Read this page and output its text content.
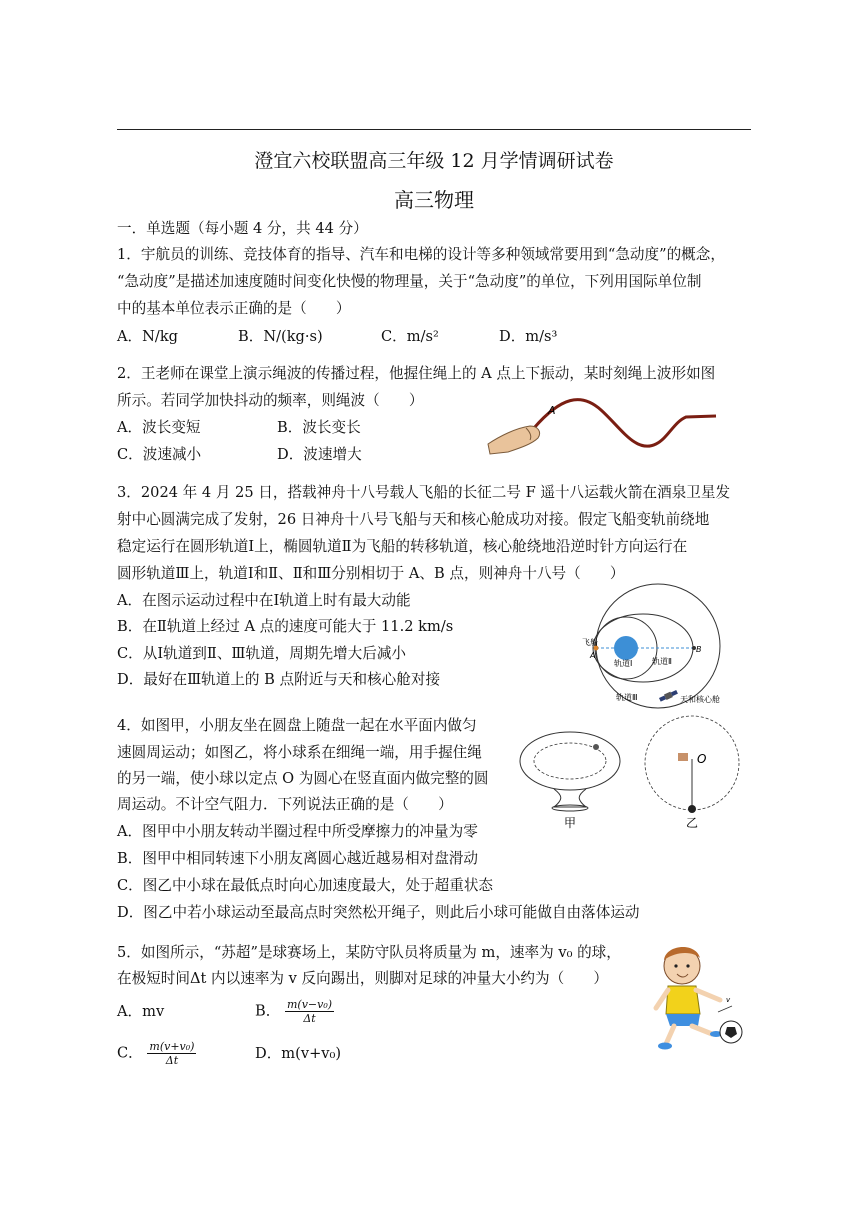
澄宜六校联盟高三年级 12 月学情调研试卷
高三物理
一．单选题（每小题 4 分，共 44 分）
1．宇航员的训练、竞技体育的指导、汽车和电梯的设计等多种领域常要用到“急动度”的概念，
“急动度”是描述加速度随时间变化快慢的物理量，关于“急动度”的单位，下列用国际单位制
中的基本单位表示正确的是（　　）
A．N/kg	B．N/(kg·s)	C．m/s²	D．m/s³
2．王老师在课堂上演示绳波的传播过程，他握住绳上的 A 点上下振动，某时刻绳上波形如图
所示。若同学加快抖动的频率，则绳波（　　）
A．波长变短	B．波长变长
C．波速减小	D．波速增大
A
3．2024 年 4 月 25 日，搭载神舟十八号载人飞船的长征二号 F 遥十八运载火箭在酒泉卫星发
射中心圆满完成了发射，26 日神舟十八号飞船与天和核心舱成功对接。假定飞船变轨前绕地
稳定运行在圆形轨道Ⅰ上，椭圆轨道Ⅱ为飞船的转移轨道，核心舱绕地沿逆时针方向运行在
圆形轨道Ⅲ上，轨道Ⅰ和Ⅱ、Ⅱ和Ⅲ分别相切于 A、B 点，则神舟十八号（　　）
A．在图示运动过程中在Ⅰ轨道上时有最大动能
B．在Ⅱ轨道上经过 A 点的速度可能大于 11.2 km/s
C．从Ⅰ轨道到Ⅱ、Ⅲ轨道，周期先增大后减小
D．最好在Ⅲ轨道上的 B 点附近与天和核心舱对接
飞船
A
B
轨道Ⅰ 轨道Ⅱ
轨道Ⅲ	天和核心舱
4．如图甲，小朋友坐在圆盘上随盘一起在水平面内做匀
速圆周运动；如图乙，将小球系在细绳一端，用手握住绳
的另一端，使小球以定点 O 为圆心在竖直面内做完整的圆
周运动。不计空气阻力．下列说法正确的是（　　）
A．图甲中小朋友转动半圈过程中所受摩擦力的冲量为零
B．图甲中相同转速下小朋友离圆心越近越易相对盘滑动
C．图乙中小球在最低点时向心加速度最大，处于超重状态
D．图乙中若小球运动至最高点时突然松开绳子，则此后小球可能做自由落体运动
甲
O
乙
5．如图所示，“苏超”是球赛场上，某防守队员将质量为 m，速率为 v₀ 的球，
在极短时间Δt 内以速率为 v 反向踢出，则脚对足球的冲量大小约为（　　）
A．mv	B． $\frac{\text{m(v−v₀)}}{\Delta t}$
C． $\frac{\text{m(v+v₀)}}{\Delta t}$	D．m(v+v₀)
v
